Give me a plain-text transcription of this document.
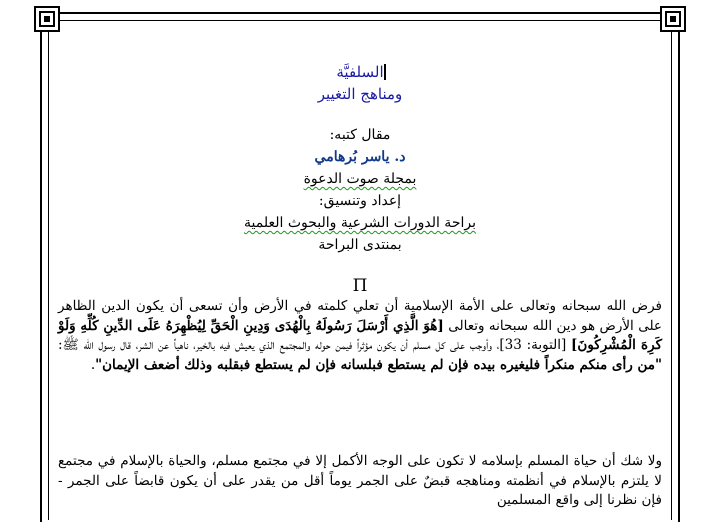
السلفيَّة
ومناهج التغيير
مقال كتبه:
د. ياسر بُرهامي
بمجلة صوت الدعوة
إعداد وتنسيق:
براحة الدورات الشرعية والبحوث العلمية
بمنتدى البراحة
Π
فرض الله سبحانه وتعالى على الأمة الإسلامية أن تعلي كلمته في الأرض وأن تسعى أن يكون الدين الظاهر على الأرض هو دين الله سبحانه وتعالى [هُوَ الَّذِي أَرْسَلَ رَسُولَهُ بِالْهُدَى وَدِينِ الْحَقِّ لِيُظْهِرَهُ عَلَى الدِّينِ كُلِّهِ وَلَوْ كَرِهَ الْمُشْرِكُونَ] [التوبة: 33]، وأوجب على كل مسلم أن يكون مؤثراً فيمن حوله والمجتمع الذي يعيش فيه بالخير، ناهياً عن الشر، قال رسول الله ﷺ: "من رأى منكم منكراً فليغيره بيده فإن لم يستطع فبلسانه فإن لم يستطع فبقلبه وذلك أضعف الإيمان".
ولا شك أن حياة المسلم بإسلامه لا تكون على الوجه الأكمل إلا في مجتمع مسلم، والحياة بالإسلام في مجتمع لا يلتزم بالإسلام في أنظمته ومناهجه قبضٌ على الجمر يوماً أقل من يقدر على أن يكون قابضاً على الجمر - فإن نظرنا إلى واقع المسلمين
